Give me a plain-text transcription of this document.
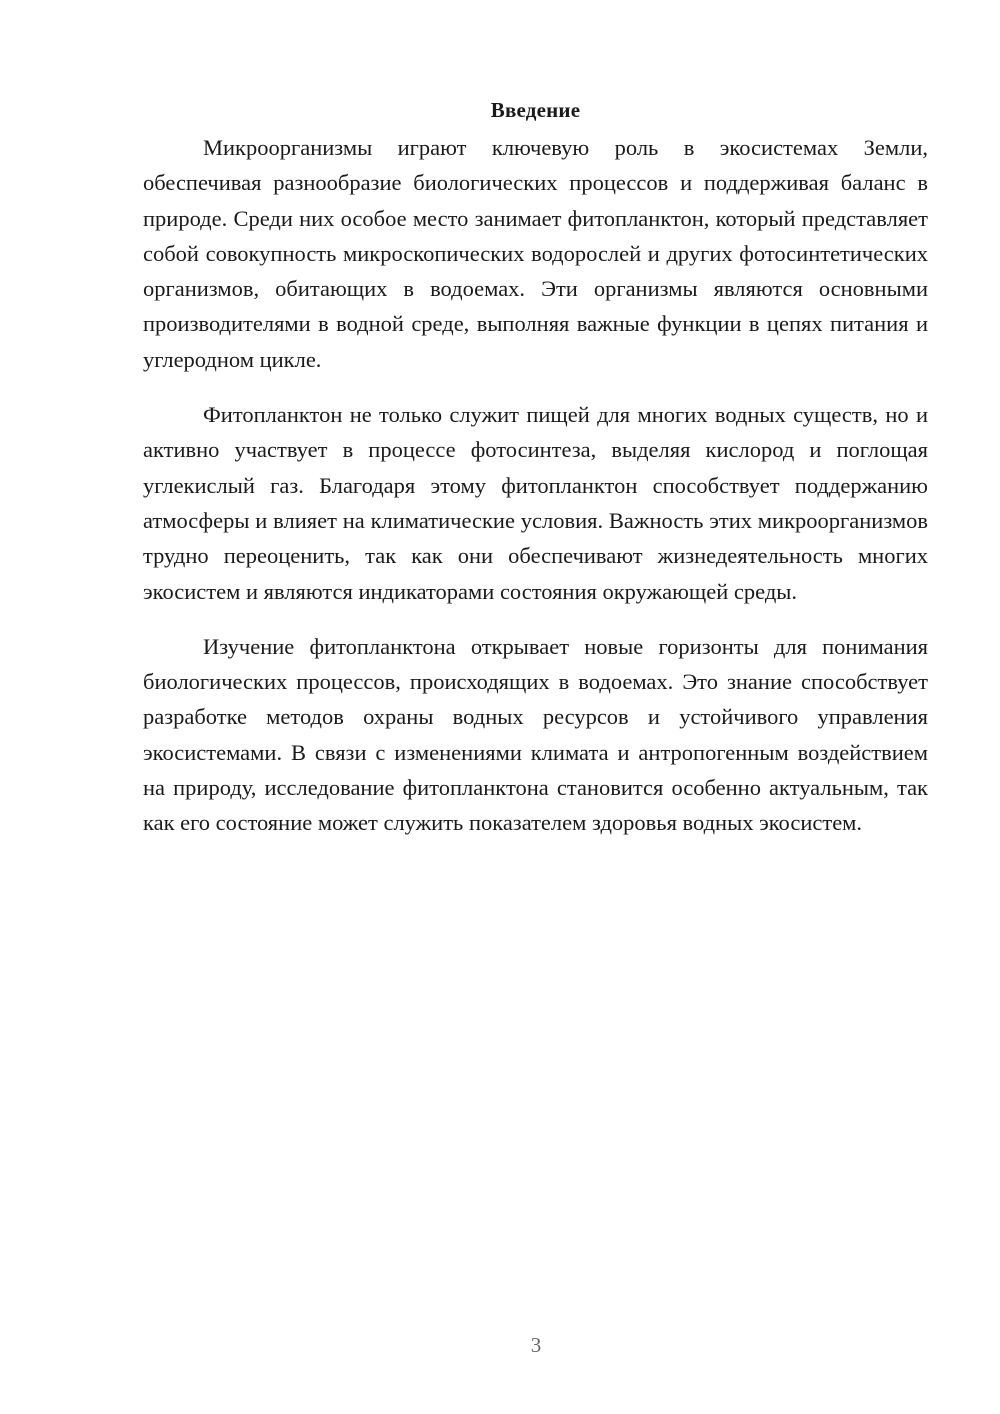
Введение

Микроорганизмы играют ключевую роль в экосистемах Земли, обеспечивая разнообразие биологических процессов и поддерживая баланс в природе. Среди них особое место занимает фитопланктон, который представляет собой совокупность микроскопических водорослей и других фотосинтетических организмов, обитающих в водоемах. Эти организмы являются основными производителями в водной среде, выполняя важные функции в цепях питания и углеродном цикле.

Фитопланктон не только служит пищей для многих водных существ, но и активно участвует в процессе фотосинтеза, выделяя кислород и поглощая углекислый газ. Благодаря этому фитопланктон способствует поддержанию атмосферы и влияет на климатические условия. Важность этих микроорганизмов трудно переоценить, так как они обеспечивают жизнедеятельность многих экосистем и являются индикаторами состояния окружающей среды.

Изучение фитопланктона открывает новые горизонты для понимания биологических процессов, происходящих в водоемах. Это знание способствует разработке методов охраны водных ресурсов и устойчивого управления экосистемами. В связи с изменениями климата и антропогенным воздействием на природу, исследование фитопланктона становится особенно актуальным, так как его состояние может служить показателем здоровья водных экосистем.

3
